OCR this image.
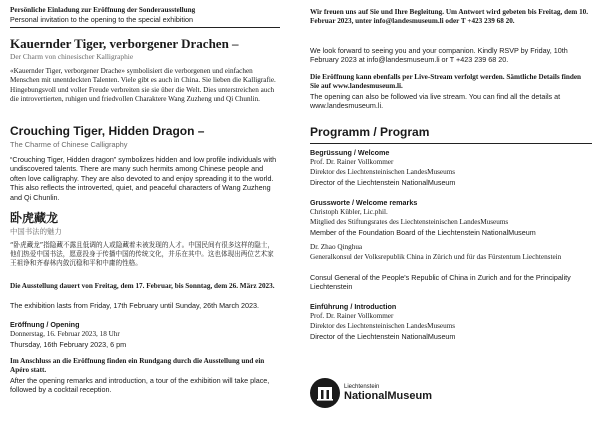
Persönliche Einladung zur Eröffnung der Sonderausstellung

Personal invitation to the opening to the special exhibition

Kauernder Tiger, verborgener Drachen –

Der Charm von chinesischer Kalligraphie

«Kauernder Tiger, verborgener Drache» symbolisiert die verborgenen und einfachen Menschen mit unentdeckten Talenten. Viele gibt es auch in China. Sie lieben die Kalligrafie. Hingebungsvoll und voller Freude verbreiten sie sie über die Welt. Dies unterstreichen auch die introvertierten, ruhigen und friedvollen Charaktere Wang Zuzheng und Qi Chunlin.

Crouching Tiger, Hidden Dragon –

The Charme of Chinese Calligraphy

“Crouching Tiger, Hidden dragon” symbolizes hidden and low profile individuals with undiscovered talents. There are many such hermits among Chinese people and often love calligraphy. They are also devoted to and enjoy spreading it to the world. This also reflects the introverted, quiet, and peaceful characters of Wang Zuzheng and Qi Chunlin.

卧虎藏龙

中国书法的魅力

“卧虎藏龙”指隐藏不露且低调的人或隐藏着未被发现的人才。中国民间有很多这样的隐士，他们热爱中国书法，愿意投身于传播中国的传统文化，并乐在其中。这也体现出两位艺术家王祖诤和齐春林内敛沉稳和平和中庸的性格。

Die Ausstellung dauert von Freitag, dem 17. Februar, bis Sonntag, dem 26. März 2023.

The exhibition lasts from Friday, 17th February until Sunday, 26th March 2023.

Eröffnung / Opening

Donnerstag, 16. Februar 2023, 18 Uhr

Thursday, 16th February 2023, 6 pm

Im Anschluss an die Eröffnung finden ein Rundgang durch die Ausstellung und ein Apéro statt.

After the opening remarks and introduction, a tour of the exhibition will take place, followed by a cocktail reception.

Wir freuen uns auf Sie und Ihre Begleitung. Um Antwort wird gebeten bis Freitag, dem 10. Februar 2023, unter info@landesmuseum.li oder T +423 239 68 20.

We look forward to seeing you and your companion. Kindly RSVP by Friday, 10th February 2023 at info@landesmuseum.li or T +423 239 68 20.

Die Eröffnung kann ebenfalls per Live-Stream verfolgt werden. Sämtliche Details finden Sie auf www.landesmuseum.li.

The opening can also be followed via live stream. You can find all the details at www.landesmuseum.li.

Programm / Program

Begrüssung / Welcome

Prof. Dr. Rainer Vollkommer

Direktor des Liechtensteinischen LandesMuseums

Director of the Liechtenstein NationalMuseum

Grussworte / Welcome remarks

Christoph Kübler, Lic.phil.

Mitglied des Stiftungsrates des Liechtensteinischen LandesMuseums

Member of the Foundation Board of the Liechtenstein NationalMuseum

Dr. Zhao Qinghua

Generalkonsul der Volksrepublik China in Zürich und für das Fürstentum Liechtenstein

Consul General of the People's Republic of China in Zurich and for the Principality Liechtenstein

Einführung / Introduction

Prof. Dr. Rainer Vollkommer

Direktor des Liechtensteinischen LandesMuseums

Director of the Liechtenstein NationalMuseum

Liechtenstein
NationalMuseum
